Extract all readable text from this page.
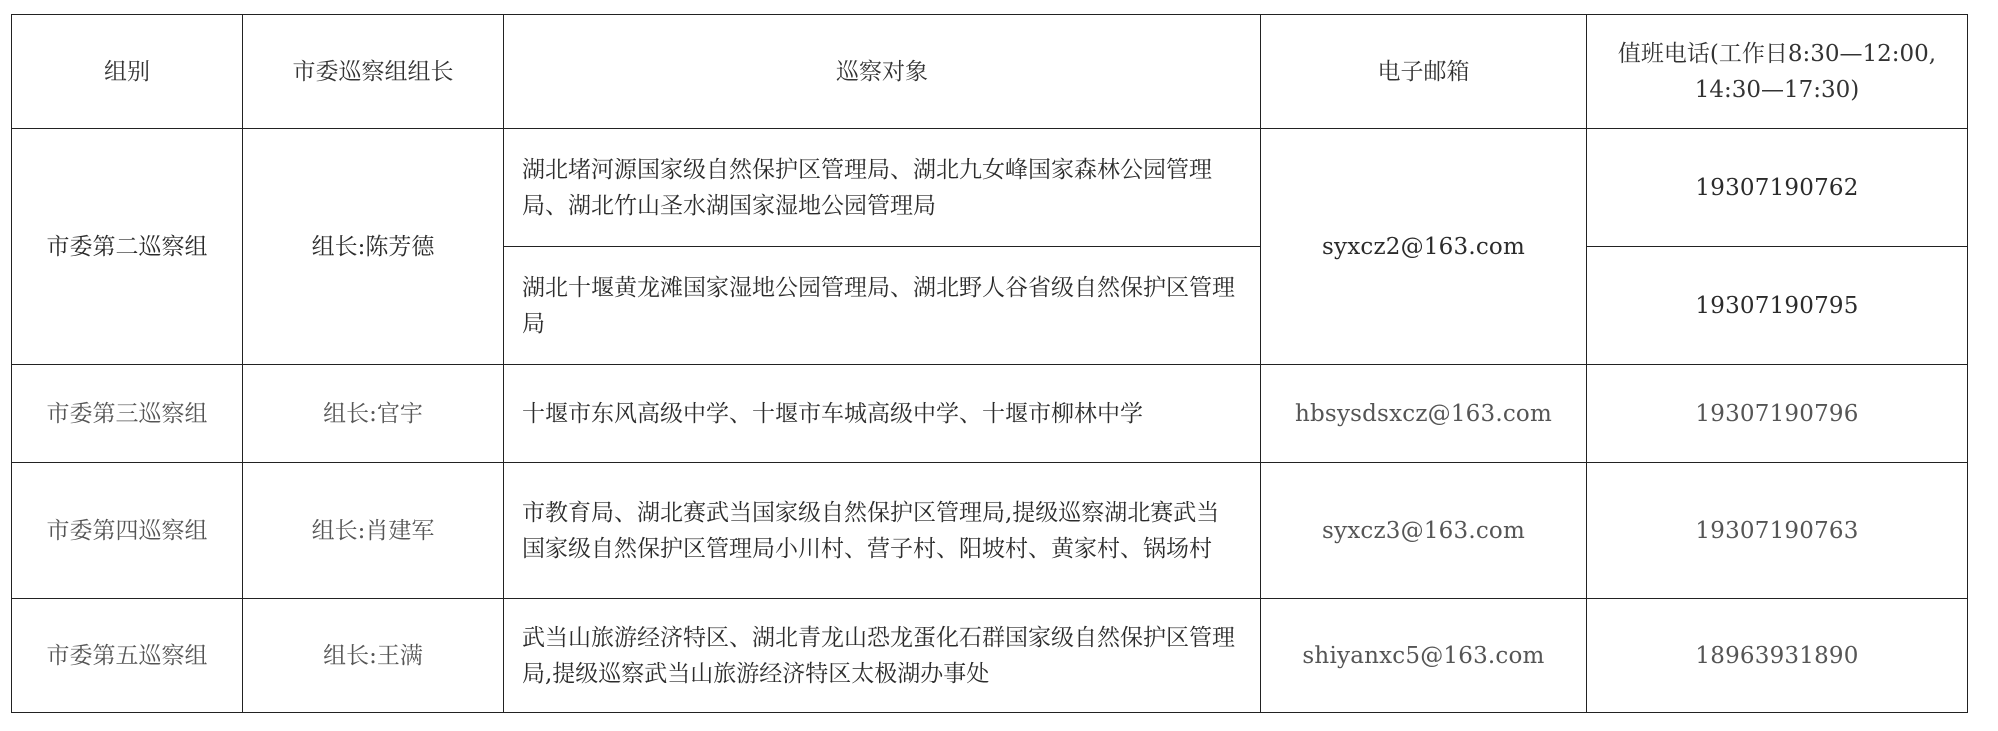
组别	市委巡察组组长	巡察对象	电子邮箱	值班电话(工作日8:30—12:00,
14:30—17:30)

市委第二巡察组	组长:陈芳德	湖北堵河源国家级自然保护区管理局、湖北九女峰国家森林公园管理局、湖北竹山圣水湖国家湿地公园管理局	syxcz2@163.com	19307190762
		湖北十堰黄龙滩国家湿地公园管理局、湖北野人谷省级自然保护区管理局		19307190795
市委第三巡察组	组长:官宇	十堰市东风高级中学、十堰市车城高级中学、十堰市柳林中学	hbsysdsxcz@163.com	19307190796
市委第四巡察组	组长:肖建军	市教育局、湖北赛武当国家级自然保护区管理局,提级巡察湖北赛武当国家级自然保护区管理局小川村、营子村、阳坡村、黄家村、锅场村	syxcz3@163.com	19307190763
市委第五巡察组	组长:王满	武当山旅游经济特区、湖北青龙山恐龙蛋化石群国家级自然保护区管理局,提级巡察武当山旅游经济特区太极湖办事处	shiyanxc5@163.com	18963931890
